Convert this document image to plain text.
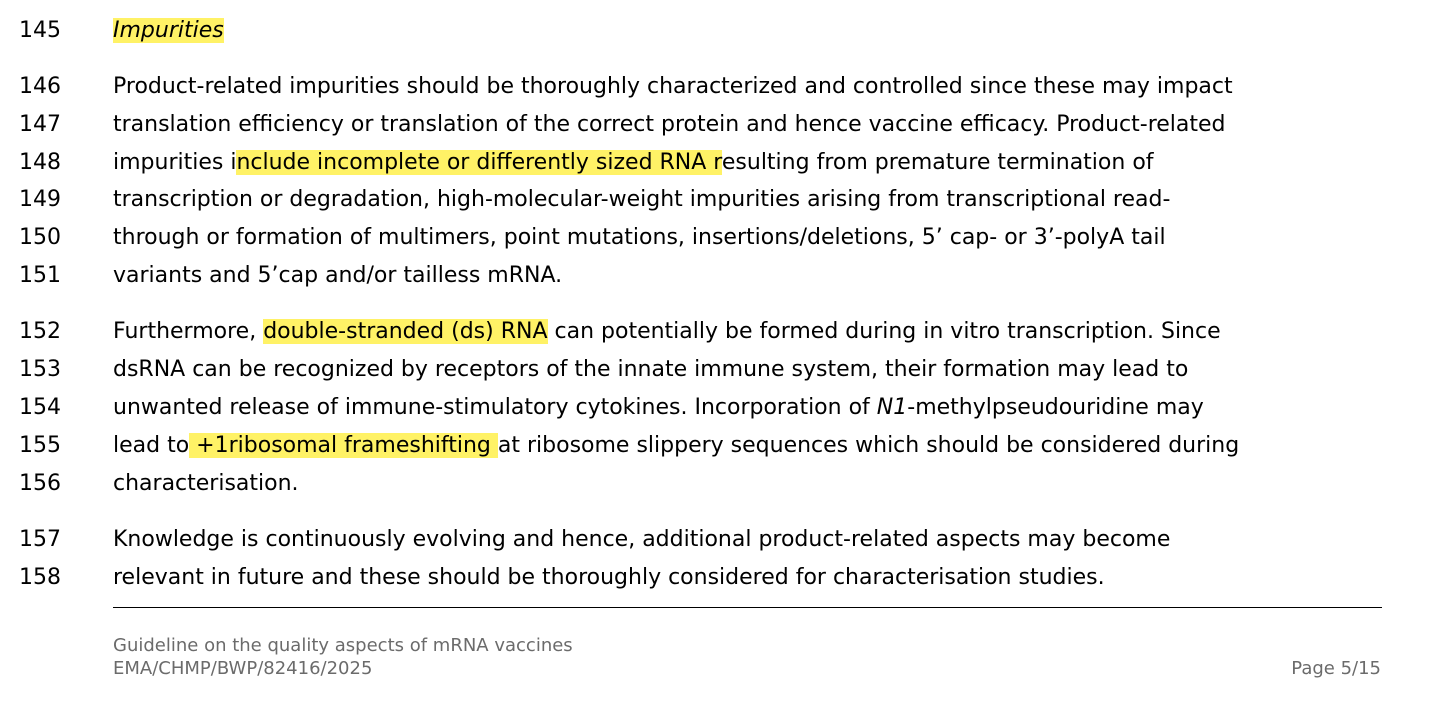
145	Impurities
146	Product-related impurities should be thoroughly characterized and controlled since these may impact
147	translation efficiency or translation of the correct protein and hence vaccine efficacy. Product-related
148	impurities include incomplete or differently sized RNA resulting from premature termination of
149	transcription or degradation, high-molecular-weight impurities arising from transcriptional read-
150	through or formation of multimers, point mutations, insertions/deletions, 5’ cap- or 3’-polyA tail
151	variants and 5’cap and/or tailless mRNA.
152	Furthermore, double-stranded (ds) RNA can potentially be formed during in vitro transcription. Since
153	dsRNA can be recognized by receptors of the innate immune system, their formation may lead to
154	unwanted release of immune-stimulatory cytokines. Incorporation of N1-methylpseudouridine may
155	lead to +1ribosomal frameshifting at ribosome slippery sequences which should be considered during
156	characterisation.
157	Knowledge is continuously evolving and hence, additional product-related aspects may become
158	relevant in future and these should be thoroughly considered for characterisation studies.
Guideline on the quality aspects of mRNA vaccines
EMA/CHMP/BWP/82416/2025	Page 5/15
